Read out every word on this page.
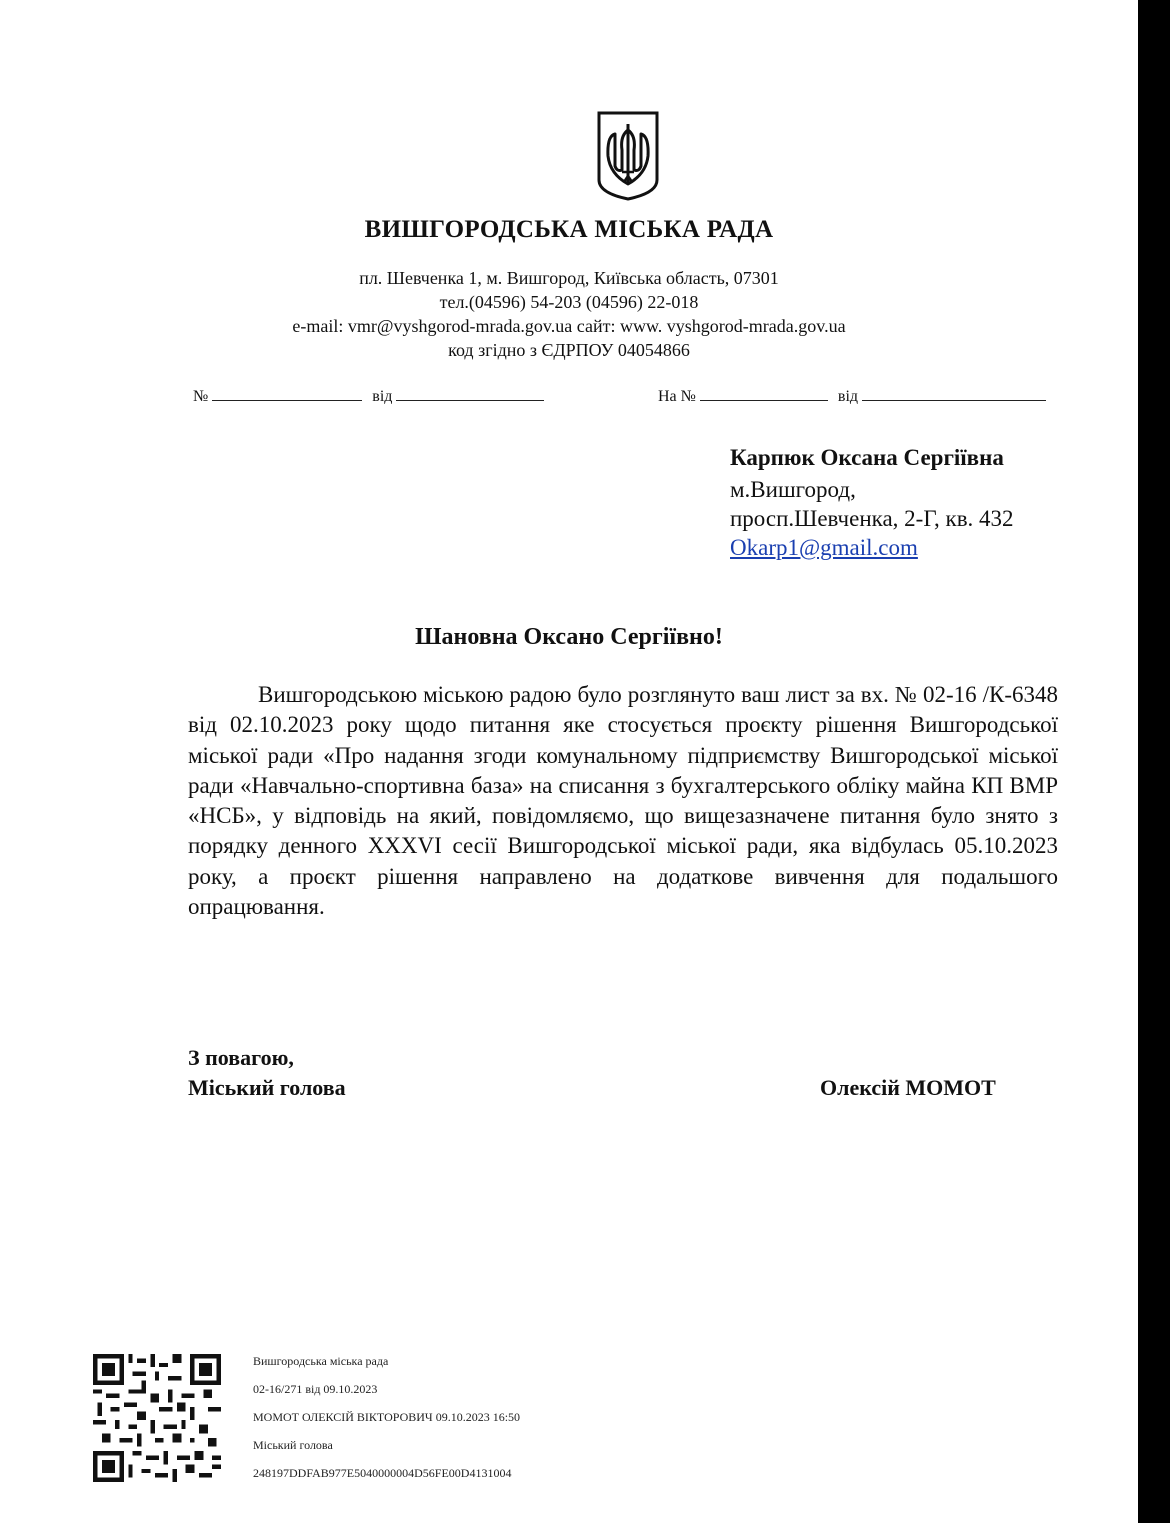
ВИШГОРОДСЬКА МІСЬКА РАДА
пл. Шевченка 1, м. Вишгород, Київська область, 07301
тел.(04596) 54-203 (04596) 22-018
e-mail: vmr@vyshgorod-mrada.gov.ua сайт: www. vyshgorod-mrada.gov.ua
код згідно з ЄДРПОУ 04054866
№	від	На №	від
Карпюк Оксана Сергіївна
м.Вишгород,
просп.Шевченка, 2-Г, кв. 432
Okarp1@gmail.com
Шановна Оксано Сергіївно!

Вишгородською міською радою було розглянуто ваш лист за вх. № 02-16 /К-6348 від 02.10.2023 року щодо питання яке стосується проєкту рішення Вишгородської міської ради «Про надання згоди комунальному підприємству Вишгородської міської ради «Навчально-спортивна база» на списання з бухгалтерського обліку майна КП ВМР «НСБ», у відповідь на який, повідомляємо, що вищезазначене питання було знято з порядку денного XXXVI сесії Вишгородської міської ради, яка відбулась 05.10.2023 року, а проєкт рішення направлено на додаткове вивчення для подальшого опрацювання.

З повагою,
Міський голова	Олексій МОМОТ
Вишгородська міська рада
02-16/271 від 09.10.2023
МОМОТ ОЛЕКСІЙ ВІКТОРОВИЧ 09.10.2023 16:50
Міський голова
248197DDFAB977E5040000004D56FE00D4131004
